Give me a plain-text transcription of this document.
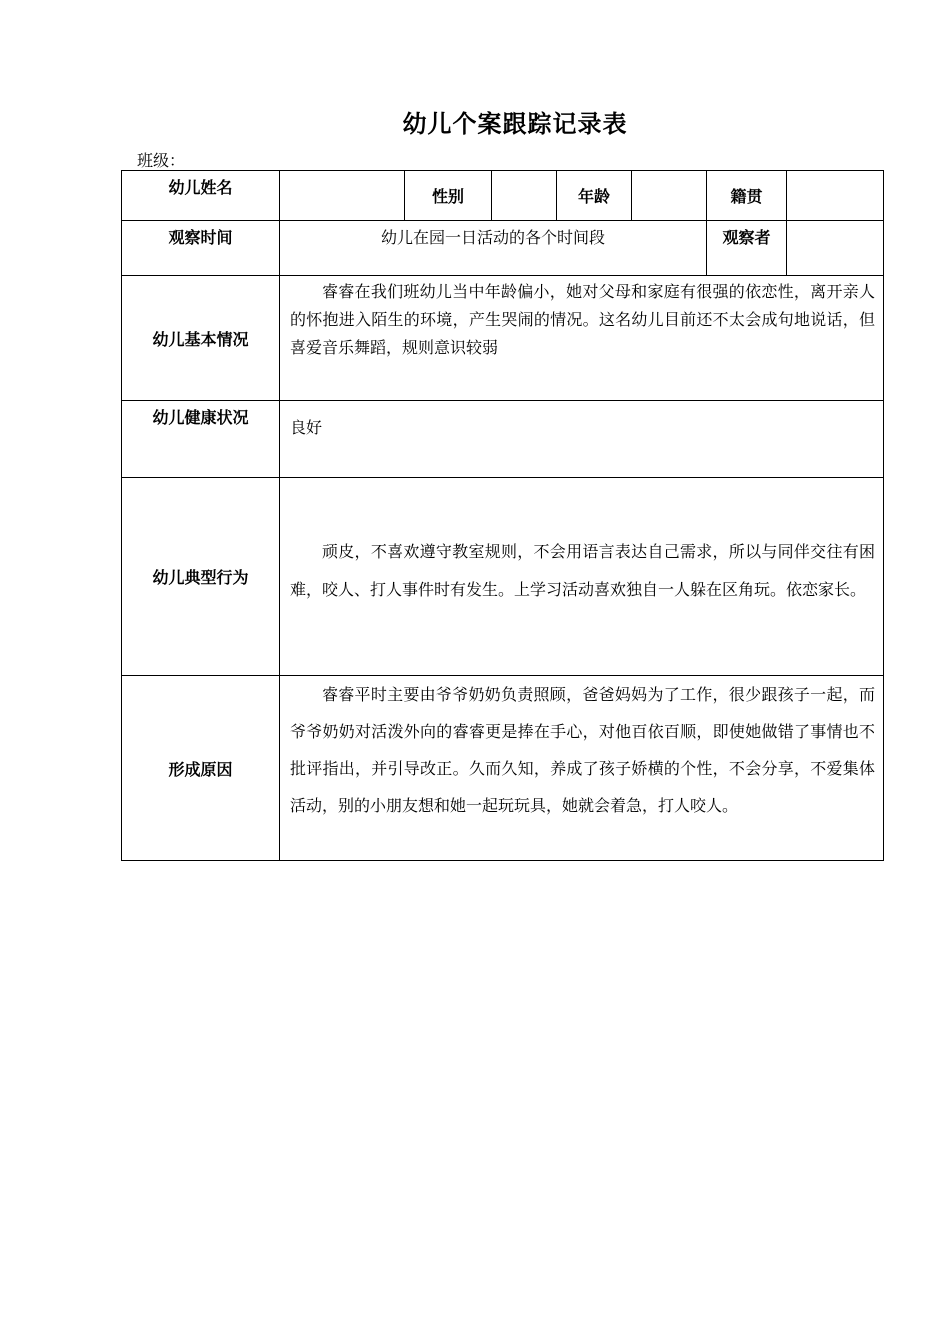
幼儿个案跟踪记录表
班级：
幼儿姓名		性别		年龄		籍贯	
观察时间	幼儿在园一日活动的各个时间段					观察者	
幼儿基本情况	睿睿在我们班幼儿当中年龄偏小，她对父母和家庭有很强的依恋性，离开亲人的怀抱进入陌生的环境，产生哭闹的情况。这名幼儿目前还不太会成句地说话，但喜爱音乐舞蹈，规则意识较弱						
幼儿健康状况	良好						
幼儿典型行为	顽皮，不喜欢遵守教室规则，不会用语言表达自己需求，所以与同伴交往有困难，咬人、打人事件时有发生。上学习活动喜欢独自一人躲在区角玩。依恋家长。						
形成原因	睿睿平时主要由爷爷奶奶负责照顾，爸爸妈妈为了工作，很少跟孩子一起，而爷爷奶奶对活泼外向的睿睿更是捧在手心，对他百依百顺，即使她做错了事情也不批评指出，并引导改正。久而久知，养成了孩子娇横的个性，不会分享，不爱集体活动，别的小朋友想和她一起玩玩具，她就会着急，打人咬人。						
